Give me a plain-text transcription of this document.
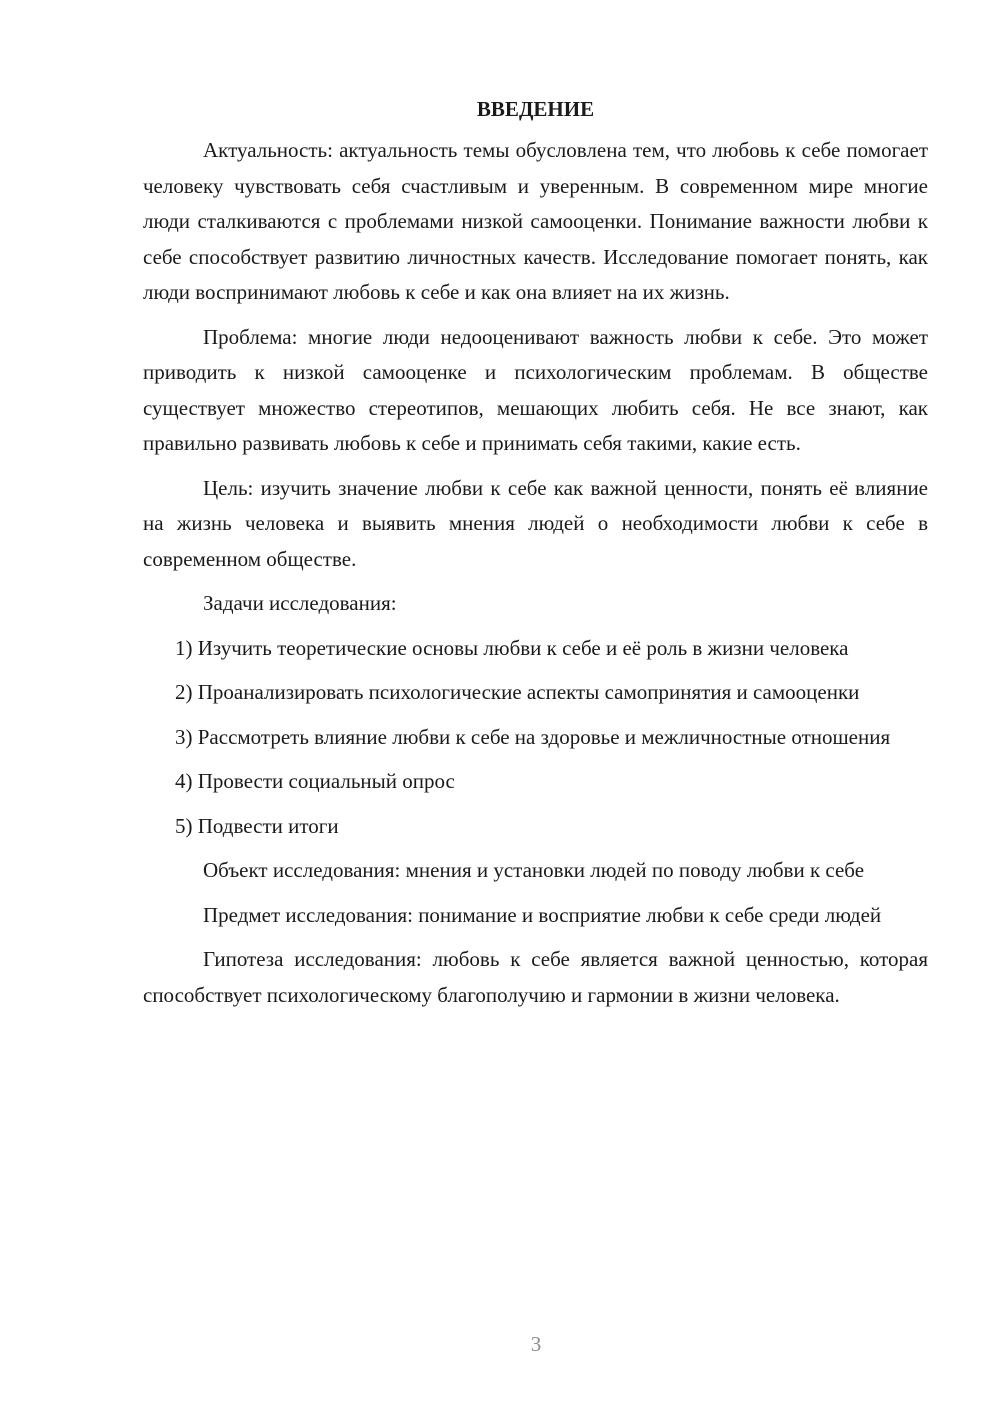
ВВЕДЕНИЕ

Актуальность: актуальность темы обусловлена тем, что любовь к себе помогает человеку чувствовать себя счастливым и уверенным. В современном мире многие люди сталкиваются с проблемами низкой самооценки. Понимание важности любви к себе способствует развитию личностных качеств. Исследование помогает понять, как люди воспринимают любовь к себе и как она влияет на их жизнь.

Проблема: многие люди недооценивают важность любви к себе. Это может приводить к низкой самооценке и психологическим проблемам. В обществе существует множество стереотипов, мешающих любить себя. Не все знают, как правильно развивать любовь к себе и принимать себя такими, какие есть.

Цель: изучить значение любви к себе как важной ценности, понять её влияние на жизнь человека и выявить мнения людей о необходимости любви к себе в современном обществе.

Задачи исследования:

1) Изучить теоретические основы любви к себе и её роль в жизни человека

2) Проанализировать психологические аспекты самопринятия и самооценки

3) Рассмотреть влияние любви к себе на здоровье и межличностные отношения

4) Провести социальный опрос

5) Подвести итоги

Объект исследования: мнения и установки людей по поводу любви к себе

Предмет исследования: понимание и восприятие любви к себе среди людей

Гипотеза исследования: любовь к себе является важной ценностью, которая способствует психологическому благополучию и гармонии в жизни человека.

3
